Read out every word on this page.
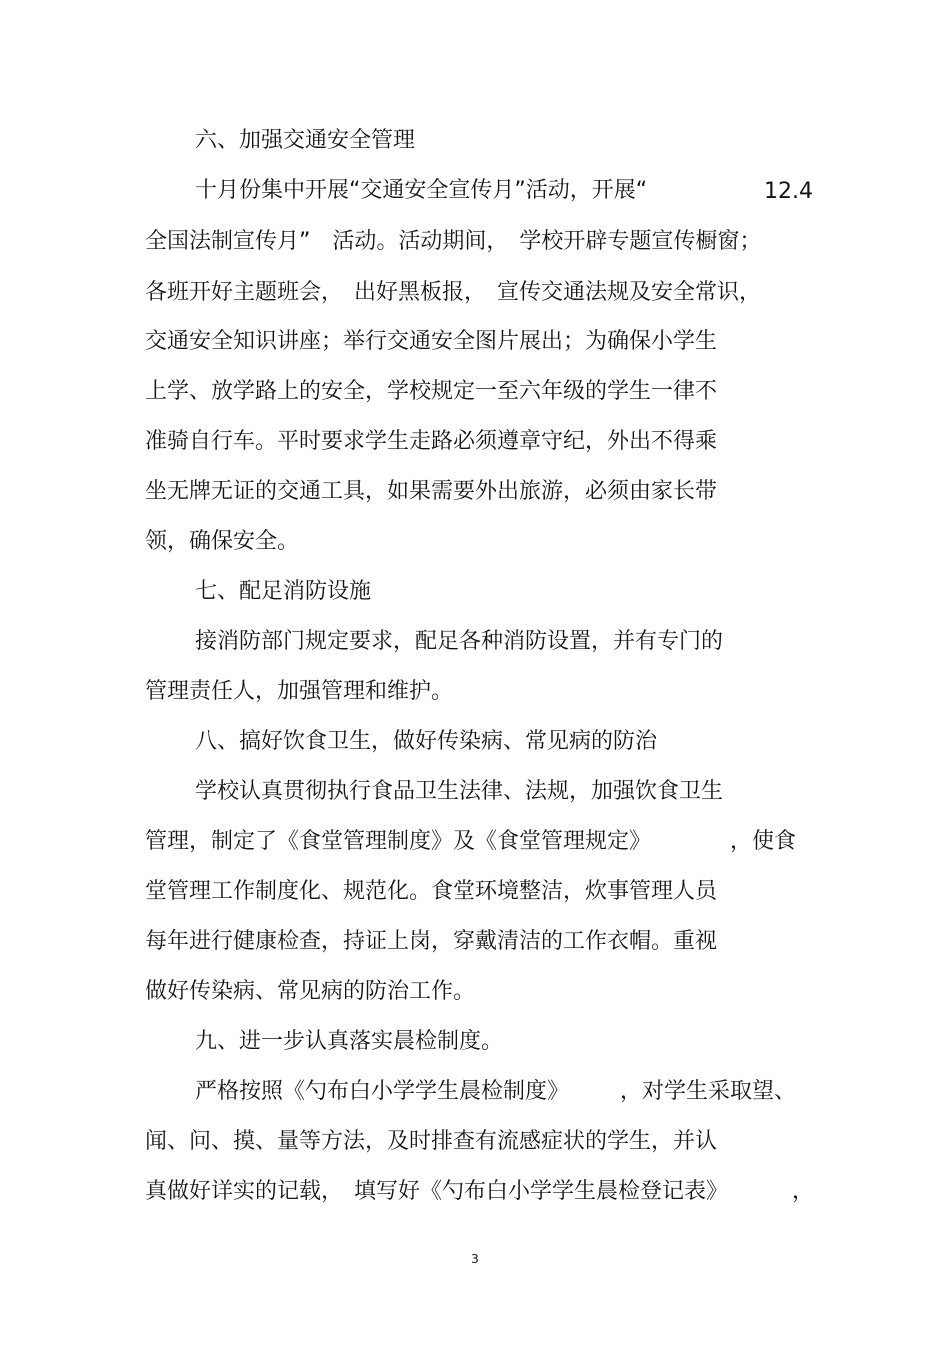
六、加强交通安全管理
十月份集中开展“交通安全宣传月”活动，开展“	12.4
全国法制宣传月”　活动。活动期间，　学校开辟专题宣传橱窗；
各班开好主题班会，　出好黑板报，　宣传交通法规及安全常识，
交通安全知识讲座；举行交通安全图片展出；为确保小学生
上学、放学路上的安全，学校规定一至六年级的学生一律不
准骑自行车。平时要求学生走路必须遵章守纪，外出不得乘
坐无牌无证的交通工具，如果需要外出旅游，必须由家长带
领，确保安全。
七、配足消防设施
接消防部门规定要求，配足各种消防设置，并有专门的
管理责任人，加强管理和维护。
八、搞好饮食卫生，做好传染病、常见病的防治
学校认真贯彻执行食品卫生法律、法规，加强饮食卫生
管理，制定了《食堂管理制度》及《食堂管理规定》	，使食
堂管理工作制度化、规范化。食堂环境整洁，炊事管理人员
每年进行健康检查，持证上岗，穿戴清洁的工作衣帽。重视
做好传染病、常见病的防治工作。
九、进一步认真落实晨检制度。
严格按照《勺布白小学学生晨检制度》 ，对学生采取望、
闻、问、摸、量等方法，及时排查有流感症状的学生，并认
真做好详实的记载，　填写好《勺布白小学学生晨检登记表》	，
3
